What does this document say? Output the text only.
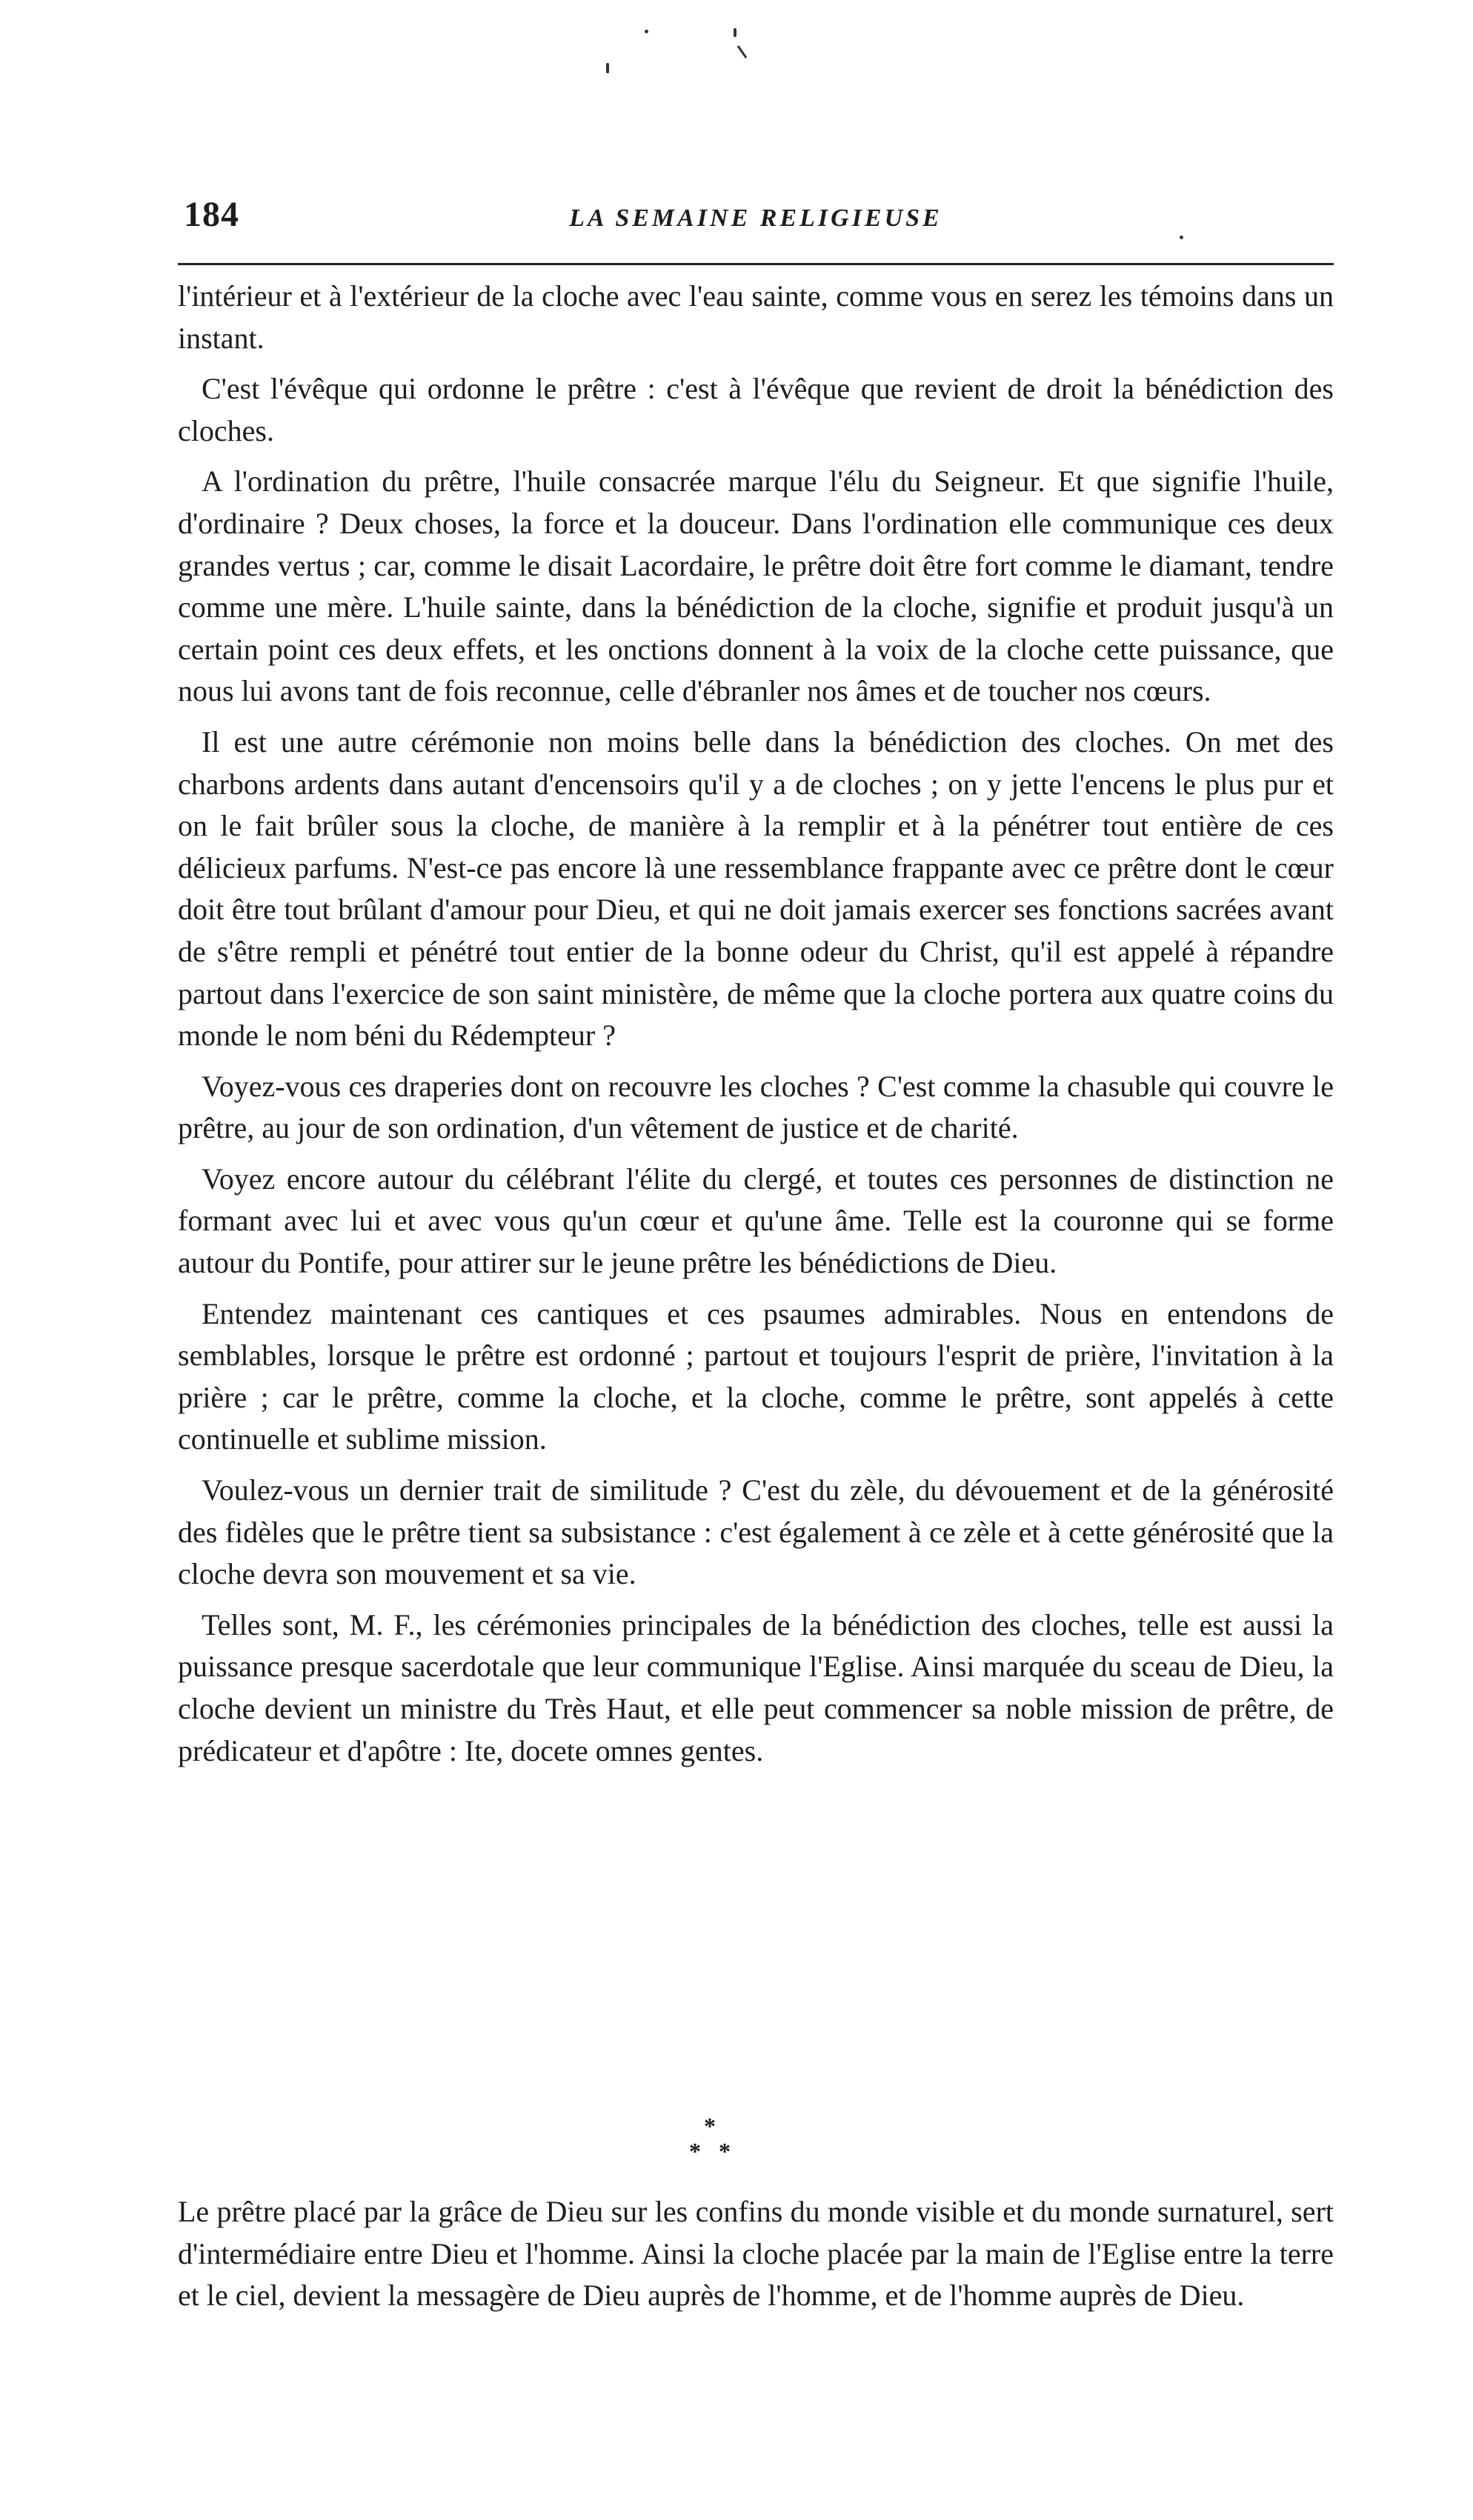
184	LA SEMAINE RELIGIEUSE

l'intérieur et à l'extérieur de la cloche avec l'eau sainte, comme vous en serez les témoins dans un instant.

C'est l'évêque qui ordonne le prêtre : c'est à l'évêque que revient de droit la bénédiction des cloches.

A l'ordination du prêtre, l'huile consacrée marque l'élu du Seigneur. Et que signifie l'huile, d'ordinaire ? Deux choses, la force et la douceur. Dans l'ordination elle communique ces deux grandes vertus ; car, comme le disait Lacordaire, le prêtre doit être fort comme le diamant, tendre comme une mère. L'huile sainte, dans la bénédiction de la cloche, signifie et produit jusqu'à un certain point ces deux effets, et les onctions donnent à la voix de la cloche cette puissance, que nous lui avons tant de fois reconnue, celle d'ébranler nos âmes et de toucher nos cœurs.

Il est une autre cérémonie non moins belle dans la bénédiction des cloches. On met des charbons ardents dans autant d'encensoirs qu'il y a de cloches ; on y jette l'encens le plus pur et on le fait brûler sous la cloche, de manière à la remplir et à la pénétrer tout entière de ces délicieux parfums. N'est-ce pas encore là une ressemblance frappante avec ce prêtre dont le cœur doit être tout brûlant d'amour pour Dieu, et qui ne doit jamais exercer ses fonctions sacrées avant de s'être rempli et pénétré tout entier de la bonne odeur du Christ, qu'il est appelé à répandre partout dans l'exercice de son saint ministère, de même que la cloche portera aux quatre coins du monde le nom béni du Rédempteur ?

Voyez-vous ces draperies dont on recouvre les cloches ? C'est comme la chasuble qui couvre le prêtre, au jour de son ordination, d'un vêtement de justice et de charité.

Voyez encore autour du célébrant l'élite du clergé, et toutes ces personnes de distinction ne formant avec lui et avec vous qu'un cœur et qu'une âme. Telle est la couronne qui se forme autour du Pontife, pour attirer sur le jeune prêtre les bénédictions de Dieu.

Entendez maintenant ces cantiques et ces psaumes admirables. Nous en entendons de semblables, lorsque le prêtre est ordonné ; partout et toujours l'esprit de prière, l'invitation à la prière ; car le prêtre, comme la cloche, et la cloche, comme le prêtre, sont appelés à cette continuelle et sublime mission.

Voulez-vous un dernier trait de similitude ? C'est du zèle, du dévouement et de la générosité des fidèles que le prêtre tient sa subsistance : c'est également à ce zèle et à cette générosité que la cloche devra son mouvement et sa vie.

Telles sont, M. F., les cérémonies principales de la bénédiction des cloches, telle est aussi la puissance presque sacerdotale que leur communique l'Eglise. Ainsi marquée du sceau de Dieu, la cloche devient un ministre du Très Haut, et elle peut commencer sa noble mission de prêtre, de prédicateur et d'apôtre : Ite, docete omnes gentes.

*
* *

Le prêtre placé par la grâce de Dieu sur les confins du monde visible et du monde surnaturel, sert d'intermédiaire entre Dieu et l'homme. Ainsi la cloche placée par la main de l'Eglise entre la terre et le ciel, devient la messagère de Dieu auprès de l'homme, et de l'homme auprès de Dieu.
